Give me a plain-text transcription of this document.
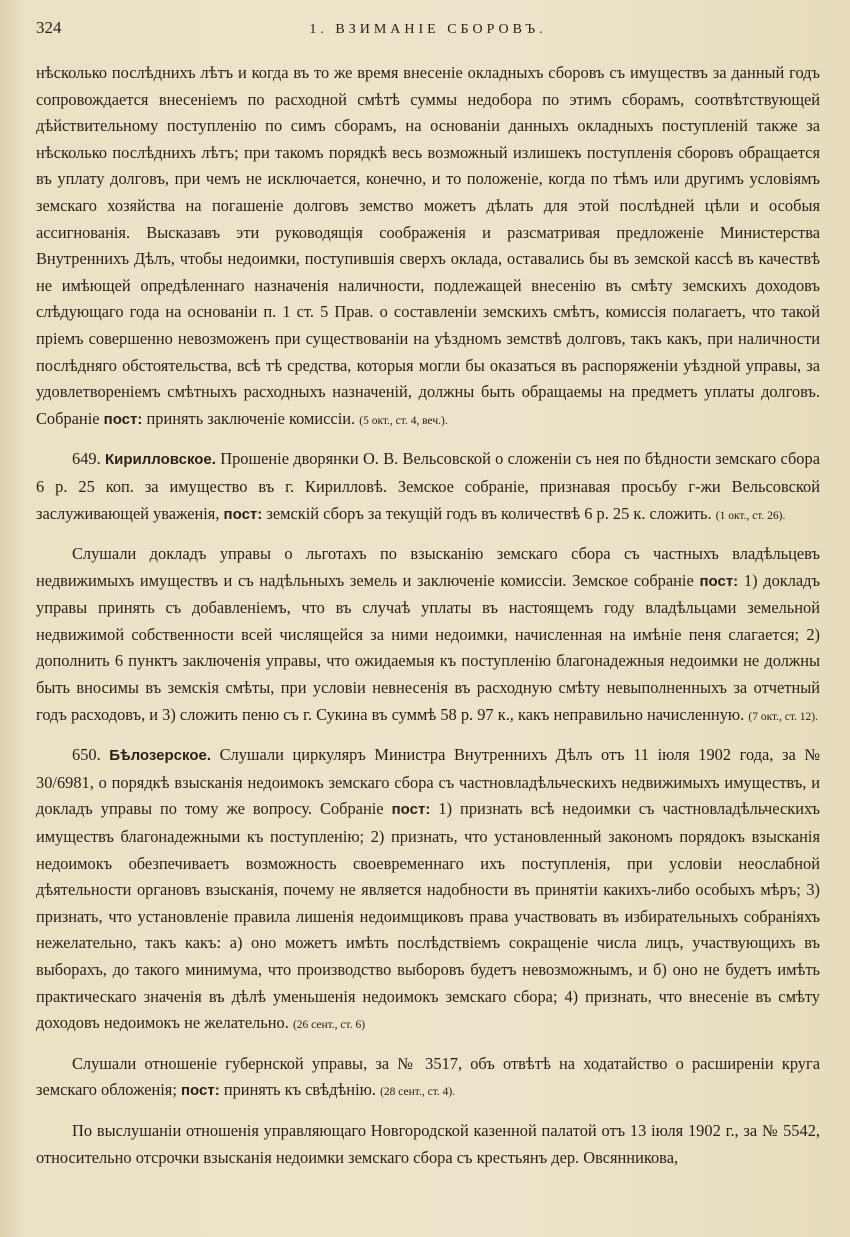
324	1. ВЗИМАНІЕ СБОРОВЪ.

нѣсколько послѣднихъ лѣтъ и когда въ то же время внесеніе окладныхъ сборовъ съ имуществъ за данный годъ сопровождается внесеніемъ по расходной смѣтѣ суммы недобора по этимъ сборамъ, соотвѣтствующей дѣйствительному поступленію по симъ сборамъ, на основаніи данныхъ окладныхъ поступленій также за нѣсколько послѣднихъ лѣтъ; при такомъ порядкѣ весь возможный излишекъ поступленія сборовъ обращается въ уплату долговъ, при чемъ не исключается, конечно, и то положеніе, когда по тѣмъ или другимъ условіямъ земскаго хозяйства на погашеніе долговъ земство можетъ дѣлать для этой послѣдней цѣли и особыя ассигнованія. Высказавъ эти руководящія соображенія и разсматривая предложеніе Министерства Внутреннихъ Дѣлъ, чтобы недоимки, поступившія сверхъ оклада, оставались бы въ земской кассѣ въ качествѣ не имѣющей опредѣленнаго назначенія наличности, подлежащей внесенію въ смѣту земскихъ доходовъ слѣдующаго года на основаніи п. 1 ст. 5 Прав. о составленіи земскихъ смѣтъ, комиссія полагаетъ, что такой пріемъ совершенно невозможенъ при существованіи на уѣздномъ земствѣ долговъ, такъ какъ, при наличности послѣдняго обстоятельства, всѣ тѣ средства, которыя могли бы оказаться въ распоряженіи уѣздной управы, за удовлетвореніемъ смѣтныхъ расходныхъ назначеній, должны быть обращаемы на предметъ уплаты долговъ. Собраніе пост: принять заключеніе комиссіи. (5 окт., ст. 4, веч.).

649. Кирилловское. Прошеніе дворянки О. В. Вельсовской о сложеніи съ нея по бѣдности земскаго сбора 6 р. 25 коп. за имущество въ г. Кирилловѣ. Земское собраніе, признавая просьбу г-жи Вельсовской заслуживающей уваженія, пост: земскій сборъ за текущій годъ въ количествѣ 6 р. 25 к. сложить. (1 окт., ст. 26).

Слушали докладъ управы о льготахъ по взысканію земскаго сбора съ частныхъ владѣльцевъ недвижимыхъ имуществъ и съ надѣльныхъ земель и заключеніе комиссіи. Земское собраніе пост: 1) докладъ управы принять съ добавленіемъ, что въ случаѣ уплаты въ настоящемъ году владѣльцами земельной недвижимой собственности всей числящейся за ними недоимки, начисленная на имѣніе пеня слагается; 2) дополнить 6 пунктъ заключенія управы, что ожидаемыя къ поступленію благонадежныя недоимки не должны быть вносимы въ земскія смѣты, при условіи невнесенія въ расходную смѣту невыполненныхъ за отчетный годъ расходовъ, и 3) сложить пеню съ г. Сукина въ суммѣ 58 р. 97 к., какъ неправильно начисленную. (7 окт., ст. 12).

650. Бѣлозерское. Слушали циркуляръ Министра Внутреннихъ Дѣлъ отъ 11 іюля 1902 года, за № 30/6981, о порядкѣ взысканія недоимокъ земскаго сбора съ частновладѣльческихъ недвижимыхъ имуществъ, и докладъ управы по тому же вопросу. Собраніе пост: 1) признать всѣ недоимки съ частновладѣльческихъ имуществъ благонадежными къ поступленію; 2) признать, что установленный закономъ порядокъ взысканія недоимокъ обезпечиваетъ возможность своевременнаго ихъ поступленія, при условіи неослабной дѣятельности органовъ взысканія, почему не является надобности въ принятіи какихъ-либо особыхъ мѣръ; 3) признать, что установленіе правила лишенія недоимщиковъ права участвовать въ избирательныхъ собраніяхъ нежелательно, такъ какъ: а) оно можетъ имѣть послѣдствіемъ сокращеніе числа лицъ, участвующихъ въ выборахъ, до такого минимума, что производство выборовъ будетъ невозможнымъ, и б) оно не будетъ имѣть практическаго значенія въ дѣлѣ уменьшенія недоимокъ земскаго сбора; 4) признать, что внесеніе въ смѣту доходовъ недоимокъ не желательно. (26 сент., ст. 6)

Слушали отношеніе губернской управы, за № 3517, объ отвѣтѣ на ходатайство о расширеніи круга земскаго обложенія; пост: принять къ свѣдѣнію. (28 сент., ст. 4).

По выслушаніи отношенія управляющаго Новгородской казенной палатой отъ 13 іюля 1902 г., за № 5542, относительно отсрочки взысканія недоимки земскаго сбора съ крестьянъ дер. Овсянникова,
